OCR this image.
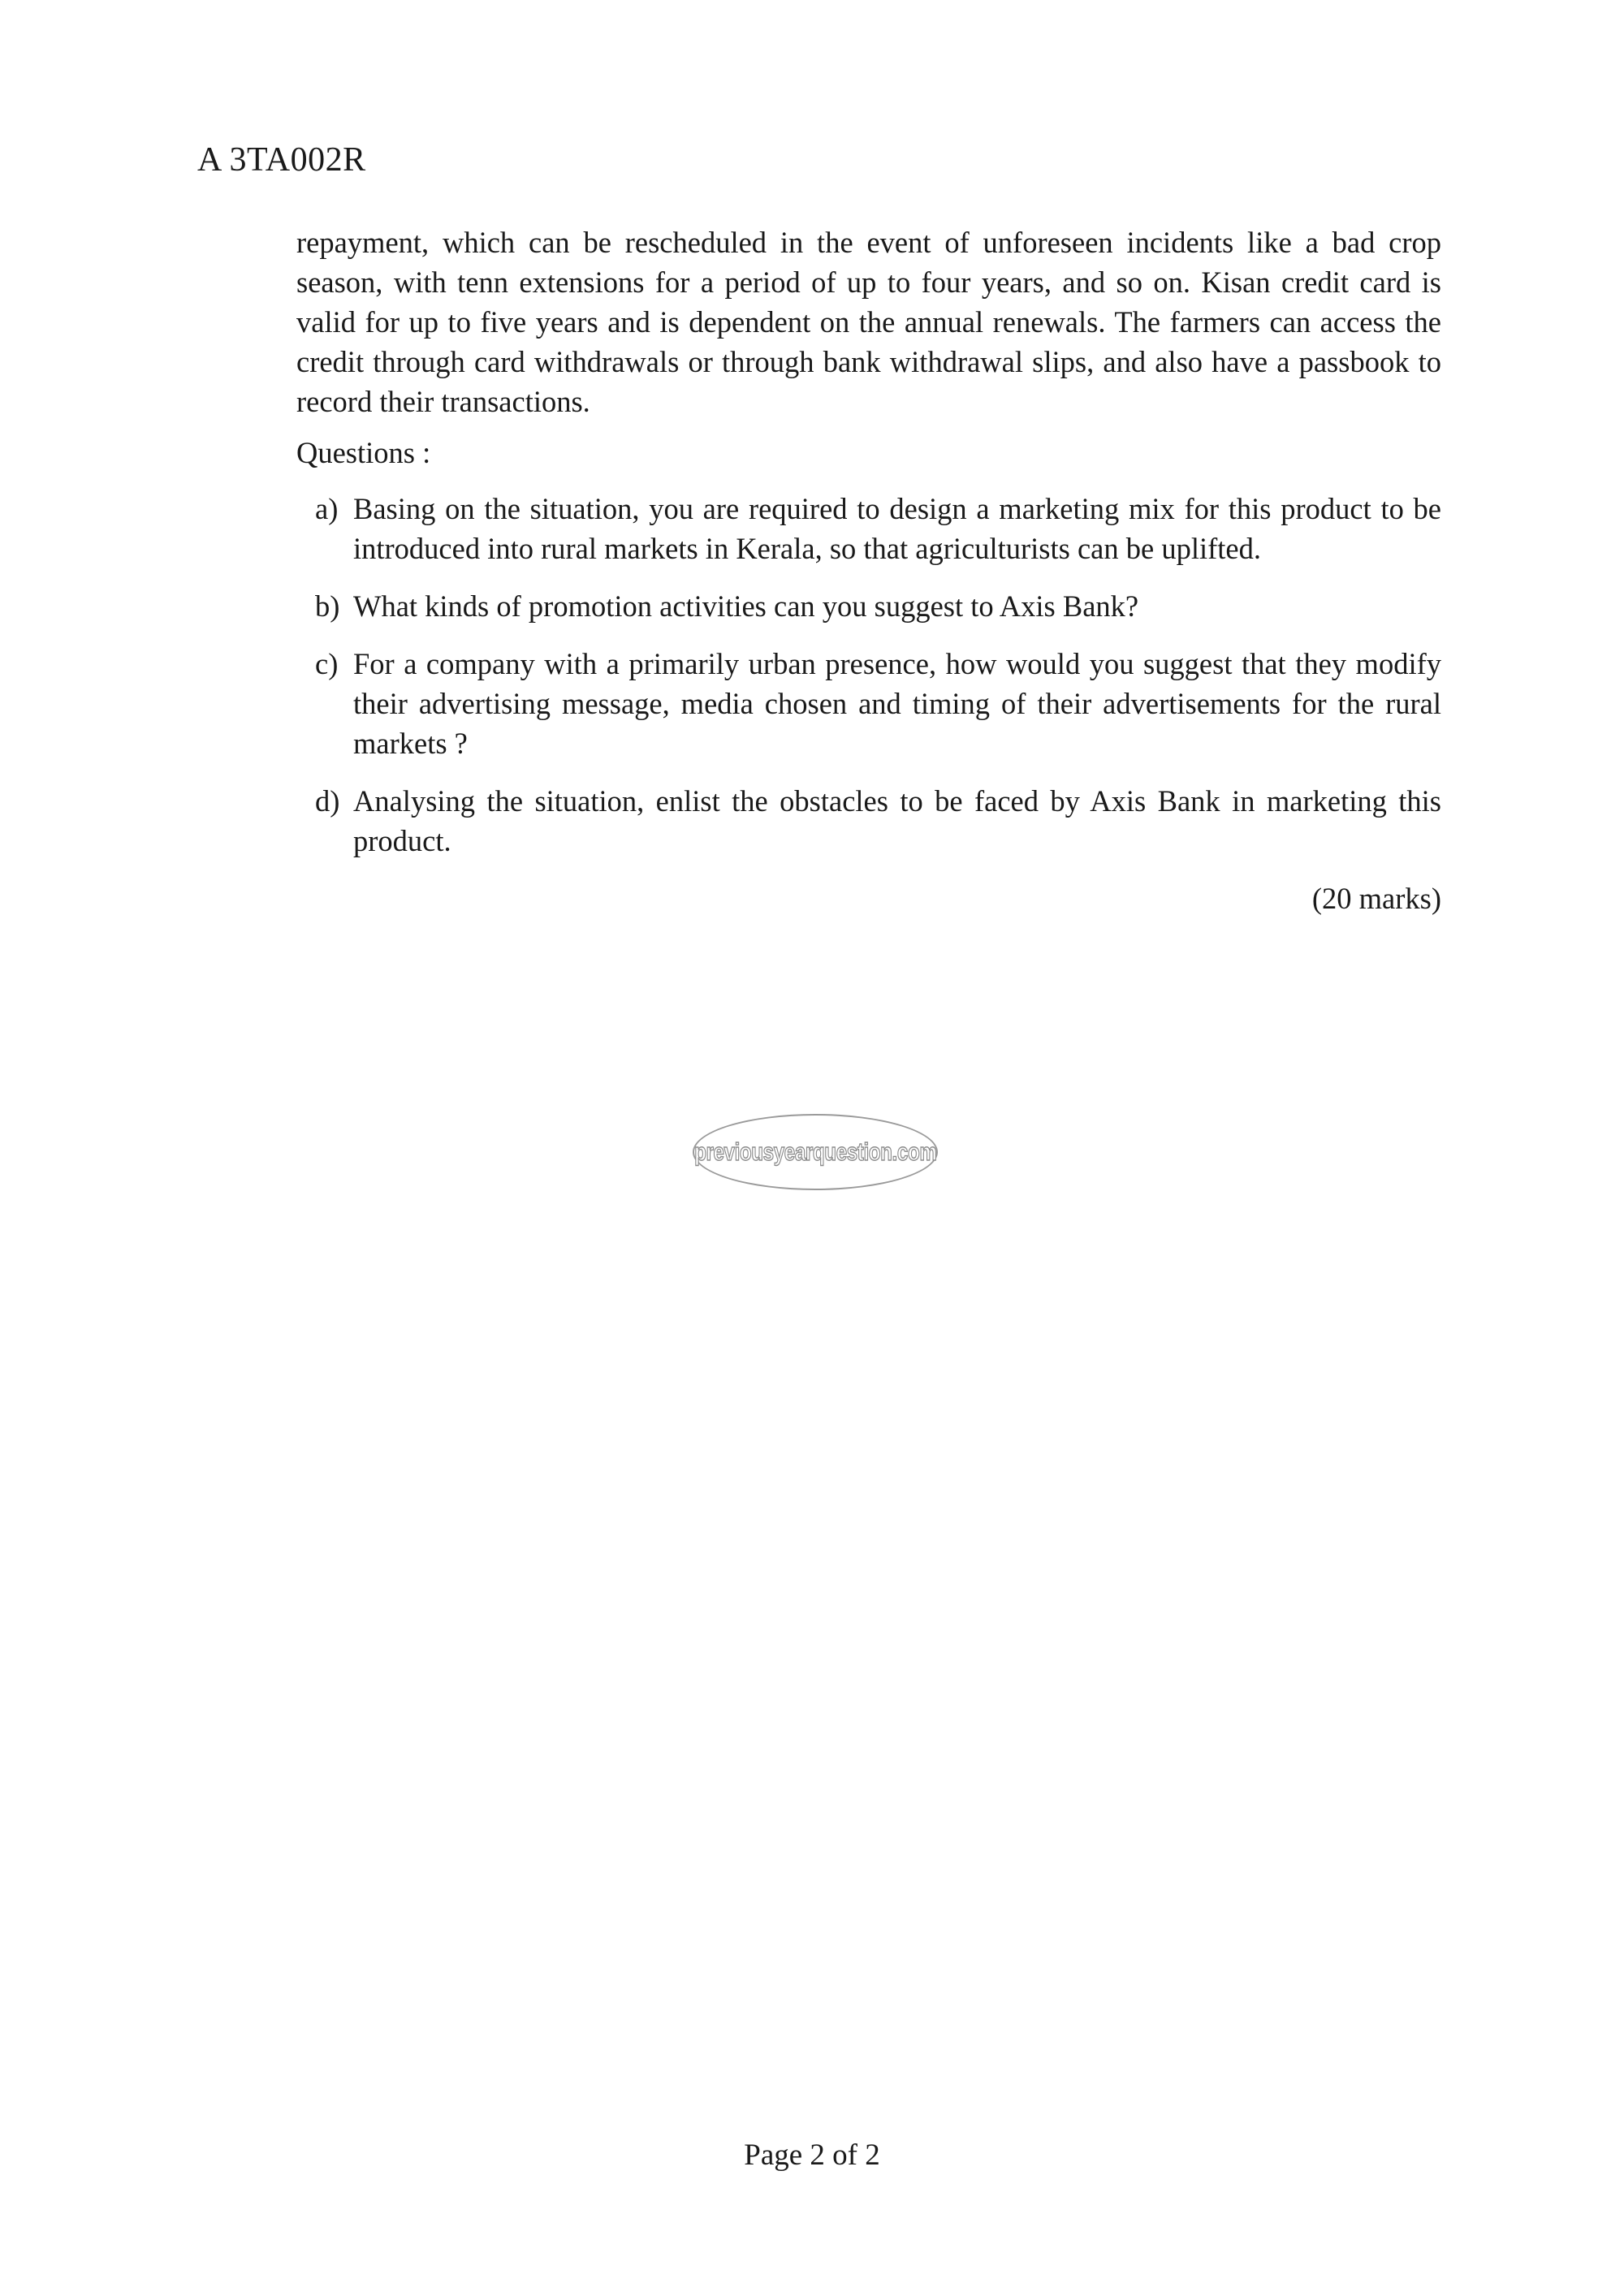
A 3TA002R

repayment, which can be rescheduled in the event of unforeseen incidents like a bad crop season, with tenn extensions for a period of up to four years, and so on. Kisan credit card is valid for up to five years and is dependent on the annual renewals. The farmers can access the credit through card withdrawals or through bank withdrawal slips, and also have a passbook to record their transactions.

Questions :
a) Basing on the situation, you are required to design a marketing mix for this product to be introduced into rural markets in Kerala, so that agriculturists can be uplifted.
b) What kinds of promotion activities can you suggest to Axis Bank?
c) For a company with a primarily urban presence, how would you suggest that they modify their advertising message, media chosen and timing of their advertisements for the rural markets ?
d) Analysing the situation, enlist the obstacles to be faced by Axis Bank in marketing this product.
(20 marks)
previousyearquestion.com
Page 2 of 2
